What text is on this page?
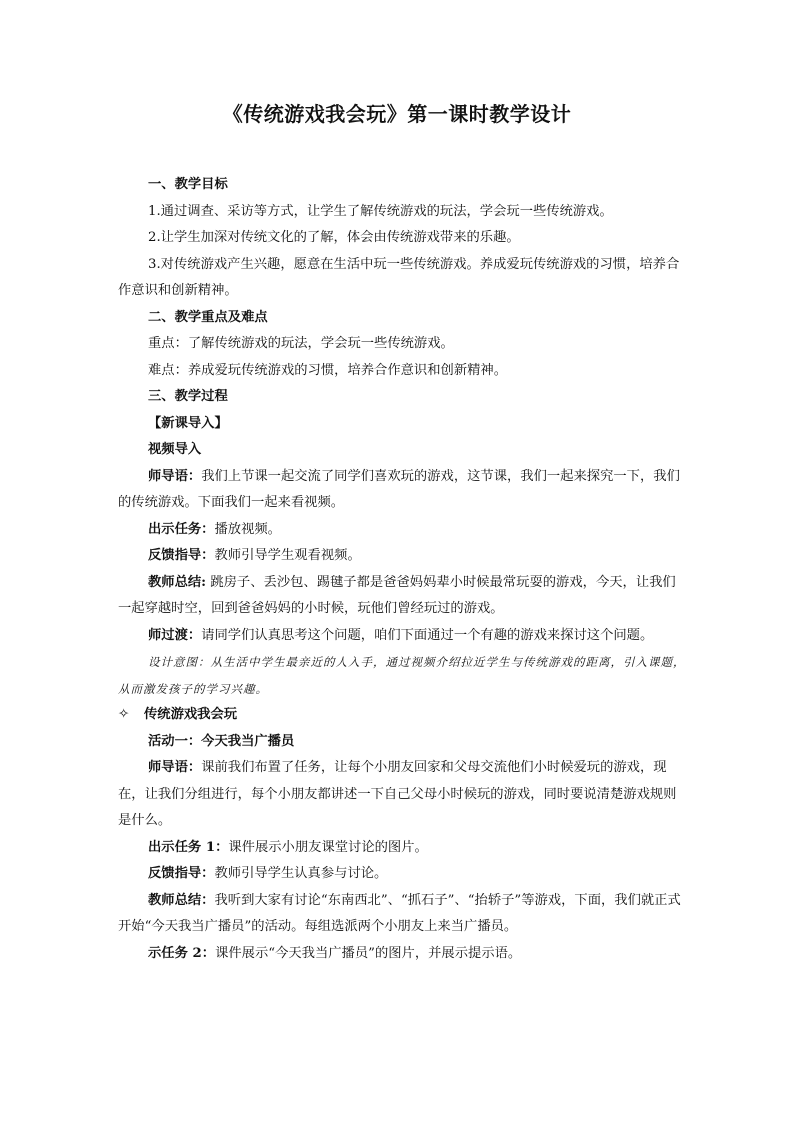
《传统游戏我会玩》第一课时教学设计

一、教学目标

1.通过调查、采访等方式，让学生了解传统游戏的玩法，学会玩一些传统游戏。

2.让学生加深对传统文化的了解，体会由传统游戏带来的乐趣。

3.对传统游戏产生兴趣，愿意在生活中玩一些传统游戏。养成爱玩传统游戏的习惯，培养合作意识和创新精神。

二、教学重点及难点

重点：了解传统游戏的玩法，学会玩一些传统游戏。

难点：养成爱玩传统游戏的习惯，培养合作意识和创新精神。

三、教学过程

【新课导入】

视频导入

师导语：我们上节课一起交流了同学们喜欢玩的游戏，这节课，我们一起来探究一下，我们的传统游戏。下面我们一起来看视频。

出示任务：播放视频。

反馈指导：教师引导学生观看视频。

教师总结: 跳房子、丢沙包、踢毽子都是爸爸妈妈辈小时候最常玩耍的游戏，今天，让我们一起穿越时空，回到爸爸妈妈的小时候，玩他们曾经玩过的游戏。

师过渡：请同学们认真思考这个问题，咱们下面通过一个有趣的游戏来探讨这个问题。

设计意图：从生活中学生最亲近的人入手，通过视频介绍拉近学生与传统游戏的距离，引入课题，从而激发孩子的学习兴趣。

✧ 传统游戏我会玩

活动一：今天我当广播员

师导语：课前我们布置了任务，让每个小朋友回家和父母交流他们小时候爱玩的游戏，现在，让我们分组进行，每个小朋友都讲述一下自己父母小时候玩的游戏，同时要说清楚游戏规则是什么。

出示任务 1：课件展示小朋友课堂讨论的图片。

反馈指导：教师引导学生认真参与讨论。

教师总结：我听到大家有讨论“东南西北”、“抓石子”、“抬轿子”等游戏，下面，我们就正式开始“今天我当广播员”的活动。每组选派两个小朋友上来当广播员。

示任务 2：课件展示“今天我当广播员”的图片，并展示提示语。
